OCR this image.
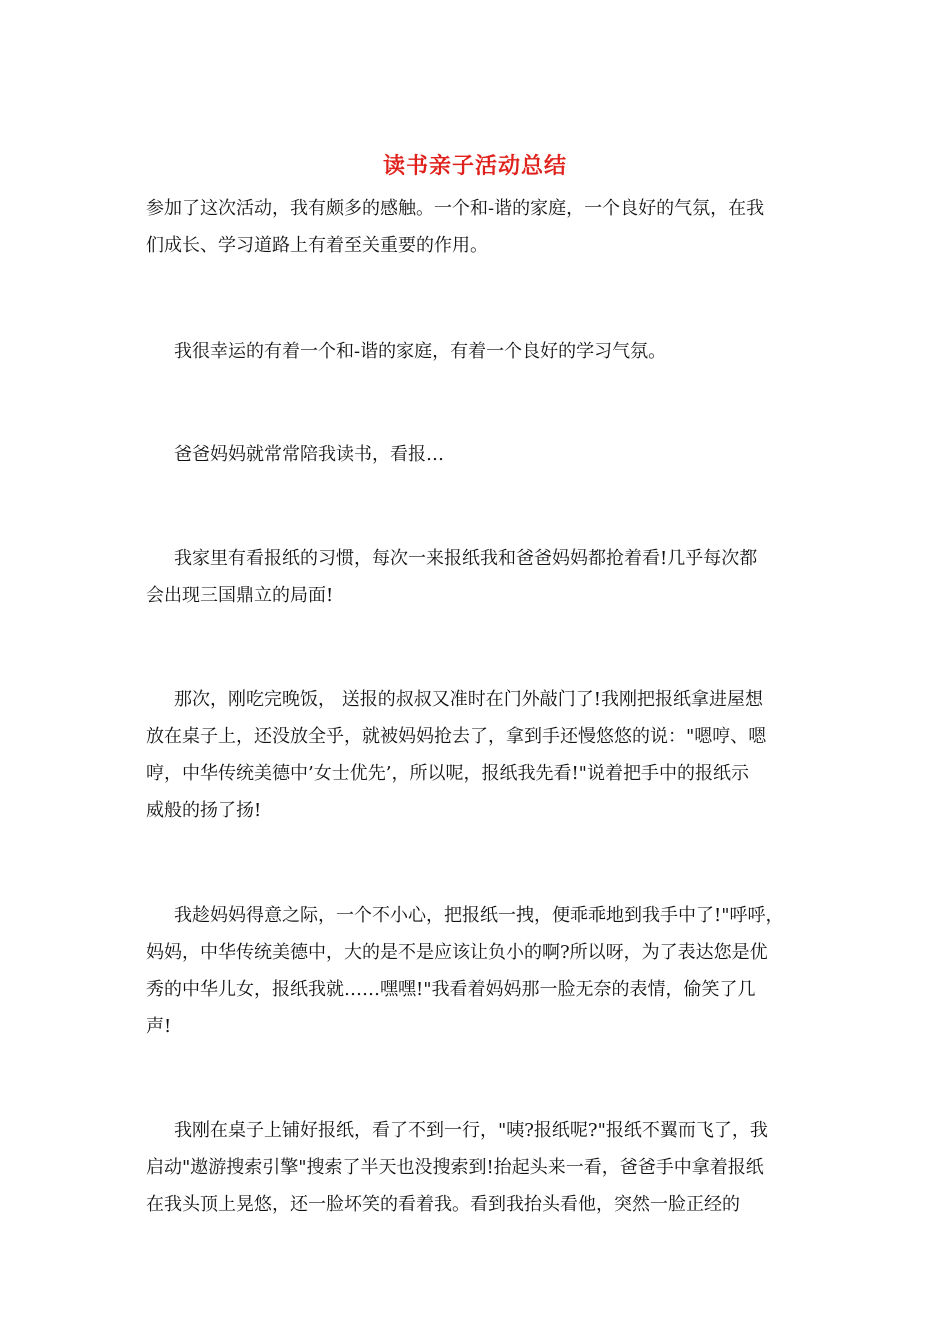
读书亲子活动总结

参加了这次活动，我有颇多的感触。一个和-谐的家庭，一个良好的气氛，在我
们成长、学习道路上有着至关重要的作用。

我很幸运的有着一个和-谐的家庭，有着一个良好的学习气氛。

爸爸妈妈就常常陪我读书，看报…

我家里有看报纸的习惯，每次一来报纸我和爸爸妈妈都抢着看!几乎每次都
会出现三国鼎立的局面!

那次，刚吃完晚饭， 送报的叔叔又准时在门外敲门了!我刚把报纸拿进屋想
放在桌子上，还没放全乎，就被妈妈抢去了，拿到手还慢悠悠的说："嗯哼、嗯
哼，中华传统美德中’女士优先’，所以呢，报纸我先看!"说着把手中的报纸示
威般的扬了扬!

我趁妈妈得意之际，一个不小心，把报纸一拽，便乖乖地到我手中了!"呼呼，
妈妈，中华传统美德中，大的是不是应该让负小的啊?所以呀，为了表达您是优
秀的中华儿女，报纸我就……嘿嘿!"我看着妈妈那一脸无奈的表情，偷笑了几
声!

我刚在桌子上铺好报纸，看了不到一行，"咦?报纸呢?"报纸不翼而飞了，我
启动"遨游搜索引擎"搜索了半天也没搜索到!抬起头来一看，爸爸手中拿着报纸
在我头顶上晃悠，还一脸坏笑的看着我。看到我抬头看他，突然一脸正经的
